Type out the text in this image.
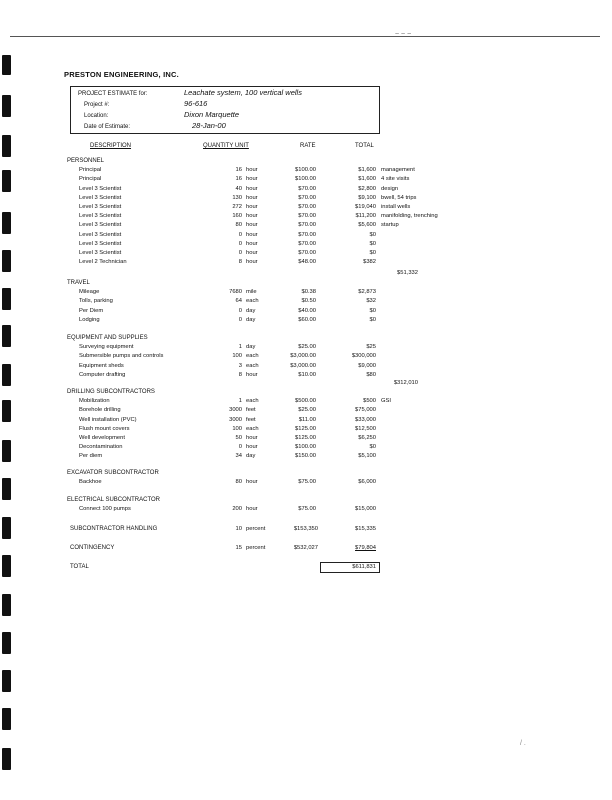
PRESTON ENGINEERING, INC.
PROJECT ESTIMATE for:	Leachate system, 100 vertical wells
Project #:	96-616
Location:	Dixon Marquette
Date of Estimate:	28-Jan-00
DESCRIPTION	QUANTITY UNIT	RATE	TOTAL
PERSONNEL
Principal	16 hour	$100.00	$1,600 management
Principal	16 hour	$100.00	$1,600 4 site visits
Level 3 Scientist	40 hour	$70.00	$2,800 design
Level 3 Scientist	130 hour	$70.00	$9,100 bwell, 54 trips
Level 3 Scientist	272 hour	$70.00	$19,040 install wells
Level 3 Scientist	160 hour	$70.00	$11,200 manifolding, trenching
Level 3 Scientist	80 hour	$70.00	$5,600 startup
Level 3 Scientist	0 hour	$70.00	$0
Level 3 Scientist	0 hour	$70.00	$0
Level 3 Scientist	0 hour	$70.00	$0
Level 2 Technician	8 hour	$48.00	$382
$51,332
TRAVEL
Mileage	7680 mile	$0.38	$2,873
Tolls, parking	64 each	$0.50	$32
Per Diem	0 day	$40.00	$0
Lodging	0 day	$60.00	$0
EQUIPMENT AND SUPPLIES
Surveying equipment	1 day	$25.00	$25
Submersible pumps and controls	100 each	$3,000.00	$300,000
Equipment sheds	3 each	$3,000.00	$9,000
Computer drafting	8 hour	$10.00	$80
$312,010
DRILLING SUBCONTRACTORS
Mobilization	1 each	$500.00	$500 GSI
Borehole drilling	3000 feet	$25.00	$75,000
Well installation (PVC)	3000 feet	$11.00	$33,000
Flush mount covers	100 each	$125.00	$12,500
Well development	50 hour	$125.00	$6,250
Decontamination	0 hour	$100.00	$0
Per diem	34 day	$150.00	$5,100
EXCAVATOR SUBCONTRACTOR
Backhoe	80 hour	$75.00	$6,000
ELECTRICAL SUBCONTRACTOR
Connect 100 pumps	200 hour	$75.00	$15,000
SUBCONTRACTOR HANDLING	10 percent	$153,350	$15,335
CONTINGENCY	15 percent	$532,027	$79,804
TOTAL	$611,831
~ ~ ~
/ .
